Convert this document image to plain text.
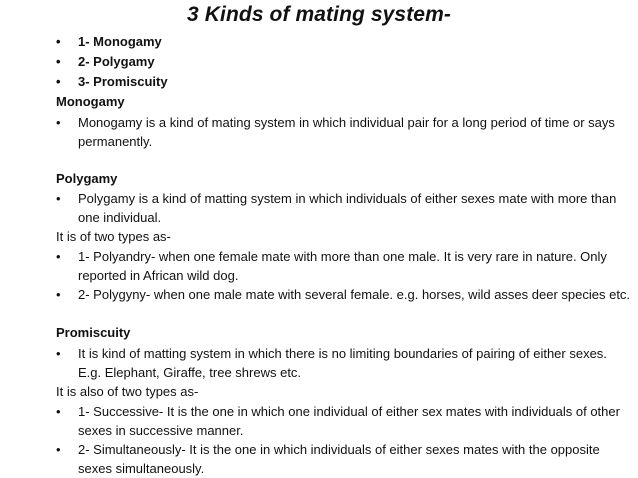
3 Kinds of mating system-
•	1- Monogamy
•	2- Polygamy
•	3- Promiscuity
Monogamy
•	Monogamy is a kind of mating system in which individual pair for a long period of time or says permanently.
Polygamy
•	Polygamy is a kind of matting system in which individuals of either sexes mate with more than one individual.
It is of two types as-
•	1- Polyandry- when one female mate with more than one male. It is very rare in nature. Only reported in African wild dog.
•	2- Polygyny- when one male mate with several female. e.g. horses, wild asses deer species etc.
Promiscuity
•	It is kind of matting system in which there is no limiting boundaries of pairing of either sexes. E.g. Elephant, Giraffe, tree shrews etc.
It is also of two types as-
•	1- Successive- It is the one in which one individual of either sex mates with individuals of other sexes in successive manner.
•	2- Simultaneously- It is the one in which individuals of either sexes mates with the opposite sexes simultaneously.
